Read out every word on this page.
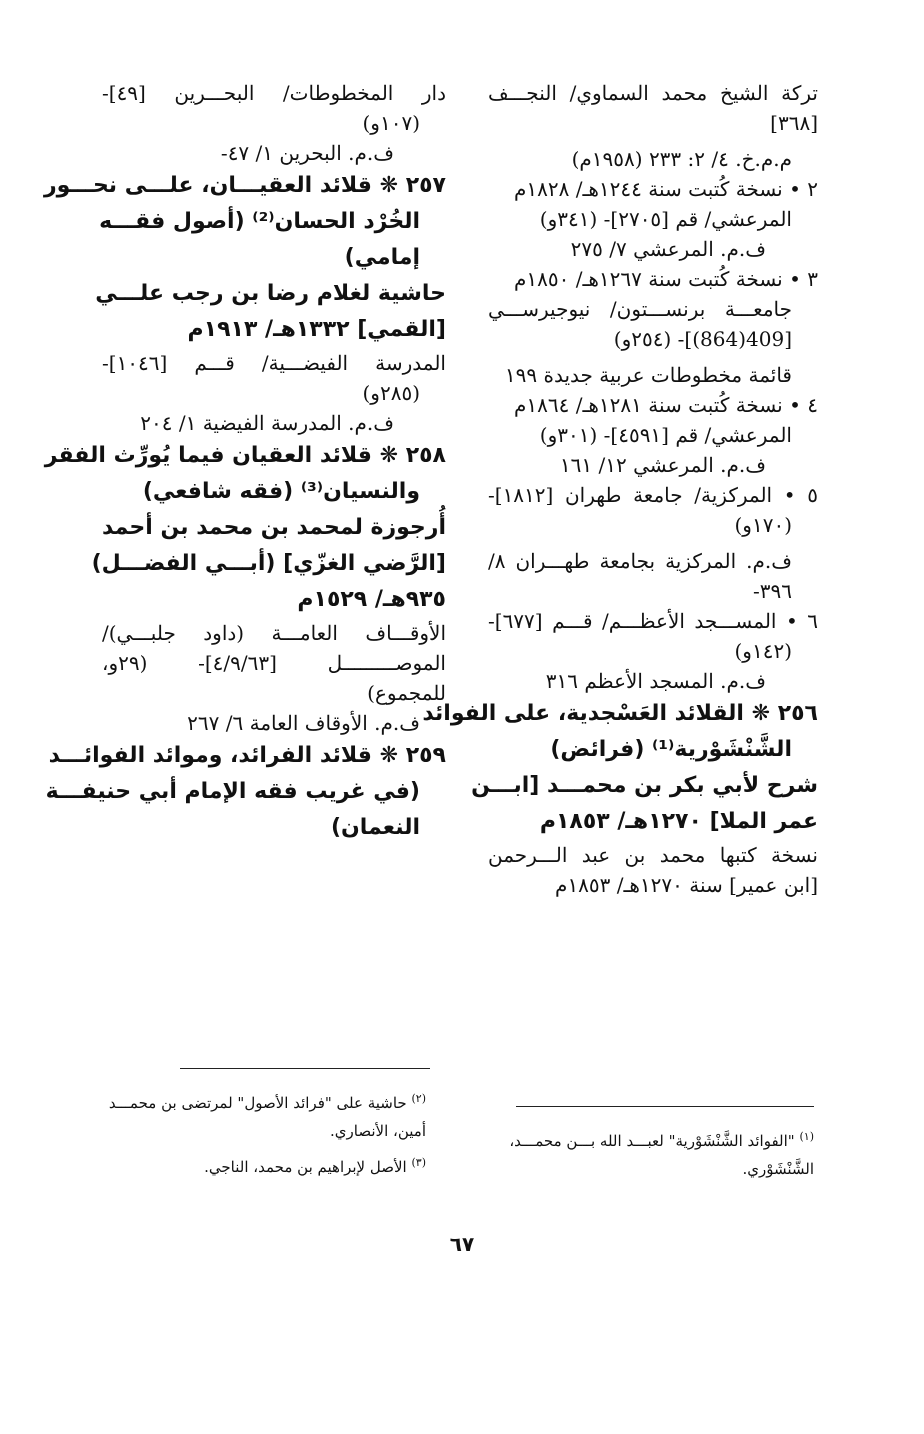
تركة الشيخ محمد السماوي/ النجـــف
[٣٦٨]
م.م.خ. ٤/ ٢: ٢٣٣ (١٩٥٨م)
٢ • نسخة كُتبت سنة ١٢٤٤هـ/ ١٨٢٨م
المرعشي/ قم [٢٧٠٥]- (٣٤١و)
ف.م. المرعشي ٧/ ٢٧٥
٣ • نسخة كُتبت سنة ١٢٦٧هـ/ ١٨٥٠م
جامعـــة برنســـتون/ نيوجيرســـي
[409(864)]- (٢٥٤و)
قائمة مخطوطات عربية جديدة ١٩٩
٤ • نسخة كُتبت سنة ١٢٨١هـ/ ١٨٦٤م
المرعشي/ قم [٤٥٩١]- (٣٠١و)
ف.م. المرعشي ١٢/ ١٦١
٥ • المركزية/ جامعة طهران [١٨١٢]-
(١٧٠و)
ف.م. المركزية بجامعة طهـــران ٨/
٣٩٦-
٦ • المســـجد الأعظـــم/ قـــم [٦٧٧]-
(١٤٢و)
ف.م. المسجد الأعظم ٣١٦
٢٥٦ ❋ القلائد العَسْجدية، على الفوائد
الشَّنْشَوْرية⁽¹⁾ (فرائض)
شرح لأبي بكر بن محمـــد [ابـــن
عمر الملا] ١٢٧٠هـ/ ١٨٥٣م
نسخة كتبها محمد بن عبد الـــرحمن
[ابن عمير] سنة ١٢٧٠هـ/ ١٨٥٣م
دار المخطوطات/ البحـــرين [٤٩]-
(١٠٧و)
ف.م. البحرين ١/ ٤٧-
٢٥٧ ❋ قلائد العقيـــان، علـــى نحـــور
الخُرْد الحسان⁽²⁾ (أصول فقـــه
إمامي)
حاشية لغلام رضا بن رجب علـــي
[القمي] ١٣٣٢هـ/ ١٩١٣م
المدرسة الفيضـــية/ قـــم [١٠٤٦]-
(٢٨٥و)
ف.م. المدرسة الفيضية ١/ ٢٠٤
٢٥٨ ❋ قلائد العقيان فيما يُورِّث الفقر
والنسيان⁽³⁾ (فقه شافعي)
أُرجوزة لمحمد بن محمد بن أحمد
[الرَّضي الغزّي] (أبـــي الفضـــل)
٩٣٥هـ/ ١٥٢٩م
الأوقـــاف العامـــة (داود جلبـــي)/
الموصـــــــــل [٤/٩/٦٣]- (٢٩و،
للمجموع)
ف.م. الأوقاف العامة ٦/ ٢٦٧
٢٥٩ ❋ قلائد الفرائد، وموائد الفوائـــد
(في غريب فقه الإمام أبي حنيفـــة
النعمان)
$^{(٢)}$ حاشية على "فرائد الأصول" لمرتضى بن محمـــد
أمين، الأنصاري.
$^{(٣)}$ الأصل لإبراهيم بن محمد، الناجي.
$^{(١)}$ "الفوائد الشَّنْشَوْرية" لعبـــد الله بـــن محمـــد،
الشَّنْشَوْري.
٦٧
